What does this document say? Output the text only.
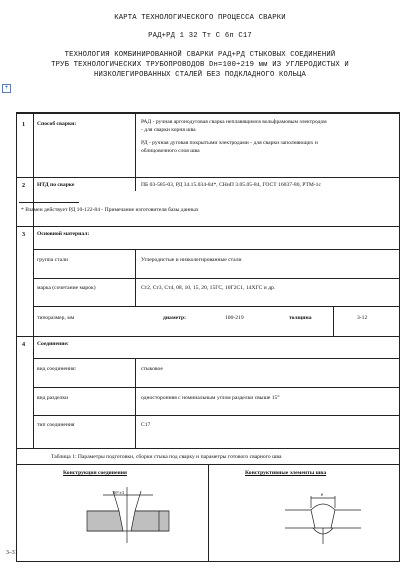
КАРТА ТЕХНОЛОГИЧЕСКОГО ПРОЦЕССА СВАРКИ
РАД+РД 1 32 Тт С 6п С17
ТЕХНОЛОГИЯ КОМБИНИРОВАННОЙ СВАРКИ РАД+РД СТЫКОВЫХ СОЕДИНЕНИЙ
ТРУБ ТЕХНОЛОГИЧЕСКИХ ТРУБОПРОВОДОВ Dн=100÷219 мм ИЗ УГЛЕРОДИСТЫХ И
НИЗКОЛЕГИРОВАННЫХ СТАЛЕЙ БЕЗ ПОДКЛАДНОГО КОЛЬЦА
+
1 Способ сварки:	РАД - ручная аргонодуговая сварка неплавящимся вольфрамовым электродом
- для сварки корня шва
РД - ручная дуговая покрытыми электродами - для сварки заполняющих и
облицовочного слоя шва
2 НТД по сварке	ПБ 03-585-03, РД 34.15.034-84*, СНиП 3.05.05-84, ГОСТ 16037-80, РТМ-1с
* Взамен действует РД 10-122-84 - Примечание изготовителя базы данных
3 Основной материал:
группа стали	Углеродистые и низколегированные стали
марка (сочетание марок)	Ст2, Ст3, Ст4, 08, 10, 15, 20, 15ГС, 10Г2С1, 14ХГС и др.
типоразмер, мм	диаметр:	100-219	толщина	3-12
4 Соединение:
вид соединения:	стыковое
вид разделки	односторонняя с номинальным углом разделки свыше 15°
тип соединения	С17
Таблица 1: Параметры подготовки, сборки стыка под сварку и параметры готового сварного шва
Конструкция соединения	Конструктивные элементы шва
30°±3
e
3–31
